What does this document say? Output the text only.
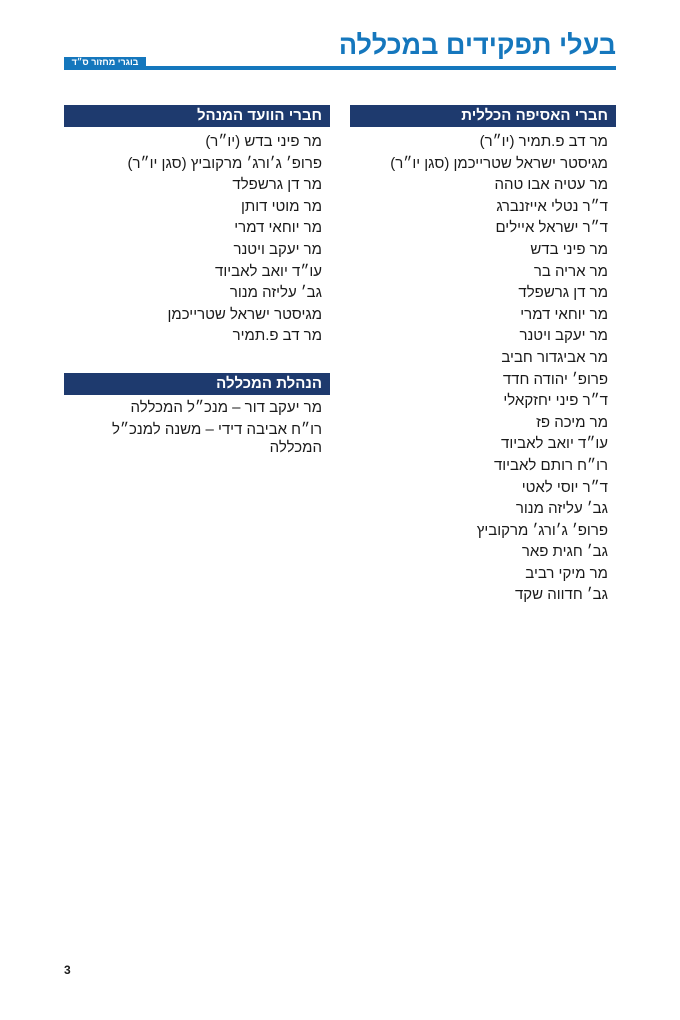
בעלי תפקידים במכללה
בוגרי מחזור ס״ד
חברי האסיפה הכללית
מר דב פ.תמיר (יו״ר)
מגיסטר ישראל שטרייכמן (סגן יו״ר)
מר עטיה אבו טהה
ד״ר נטלי אייזנברג
ד״ר ישראל איילים
מר פיני בדש
מר אריה בר
מר דן גרשפלד
מר יוחאי דמרי
מר יעקב ויטנר
מר אביגדור חביב
פרופ׳ יהודה חדד
ד״ר פיני יחזקאלי
מר מיכה פז
עו״ד יואב לאביוד
רו״ח רותם לאביוד
ד״ר יוסי לאטי
גב׳ עליזה מנור
פרופ׳ ג׳ורג׳ מרקוביץ
גב׳ חגית פאר
מר מיקי רביב
גב׳ חדווה שקד
חברי הוועד המנהל
מר פיני בדש (יו״ר)
פרופ׳ ג׳ורג׳ מרקוביץ (סגן יו״ר)
מר דן גרשפלד
מר מוטי דותן
מר יוחאי דמרי
מר יעקב ויטנר
עו״ד יואב לאביוד
גב׳ עליזה מנור
מגיסטר ישראל שטרייכמן
מר דב פ.תמיר
הנהלת המכללה
מר יעקב דור – מנכ״ל המכללה
רו״ח אביבה דידי – משנה למנכ״ל המכללה
3
